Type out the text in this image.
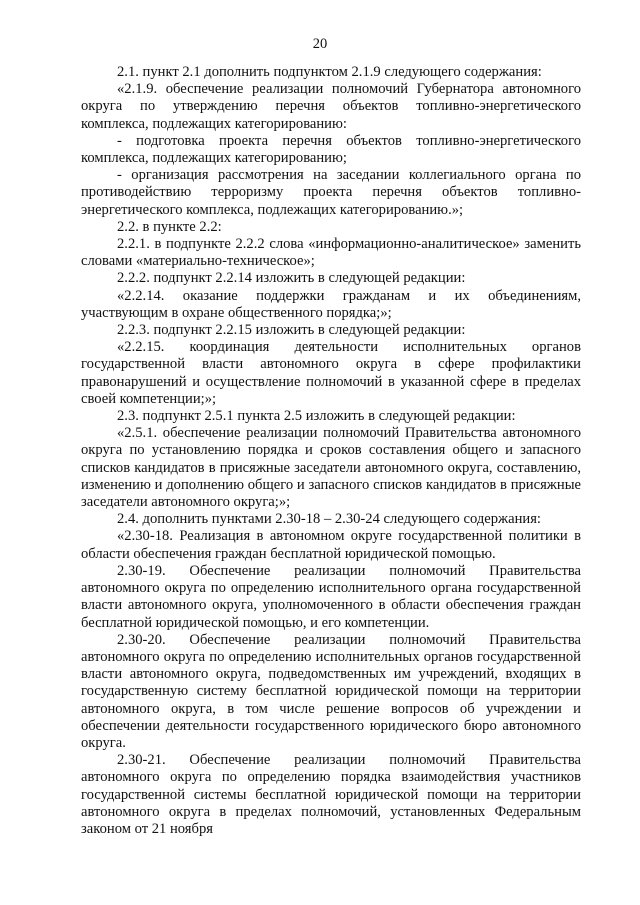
20

2.1. пункт 2.1 дополнить подпунктом 2.1.9 следующего содержания:

«2.1.9. обеспечение реализации полномочий Губернатора автономного округа по утверждению перечня объектов топливно-энергетического комплекса, подлежащих категорированию:

- подготовка проекта перечня объектов топливно-энергетического комплекса, подлежащих категорированию;

- организация рассмотрения на заседании коллегиального органа по противодействию терроризму проекта перечня объектов топливно-энергетического комплекса, подлежащих категорированию.»;

2.2. в пункте 2.2:

2.2.1. в подпункте 2.2.2 слова «информационно-аналитическое» заменить словами «материально-техническое»;

2.2.2. подпункт 2.2.14 изложить в следующей редакции:

«2.2.14. оказание поддержки гражданам и их объединениям, участвующим в охране общественного порядка;»;

2.2.3. подпункт 2.2.15 изложить в следующей редакции:

«2.2.15. координация деятельности исполнительных органов государственной власти автономного округа в сфере профилактики правонарушений и осуществление полномочий в указанной сфере в пределах своей компетенции;»;

2.3. подпункт 2.5.1 пункта 2.5 изложить в следующей редакции:

«2.5.1. обеспечение реализации полномочий Правительства автономного округа по установлению порядка и сроков составления общего и запасного списков кандидатов в присяжные заседатели автономного округа, составлению, изменению и дополнению общего и запасного списков кандидатов в присяжные заседатели автономного округа;»;

2.4. дополнить пунктами 2.30-18 – 2.30-24 следующего содержания:

«2.30-18. Реализация в автономном округе государственной политики в области обеспечения граждан бесплатной юридической помощью.

2.30-19. Обеспечение реализации полномочий Правительства автономного округа по определению исполнительного органа государственной власти автономного округа, уполномоченного в области обеспечения граждан бесплатной юридической помощью, и его компетенции.

2.30-20. Обеспечение реализации полномочий Правительства автономного округа по определению исполнительных органов государственной власти автономного округа, подведомственных им учреждений, входящих в государственную систему бесплатной юридической помощи на территории автономного округа, в том числе решение вопросов об учреждении и обеспечении деятельности государственного юридического бюро автономного округа.

2.30-21. Обеспечение реализации полномочий Правительства автономного округа по определению порядка взаимодействия участников государственной системы бесплатной юридической помощи на территории автономного округа в пределах полномочий, установленных Федеральным законом от 21 ноября
